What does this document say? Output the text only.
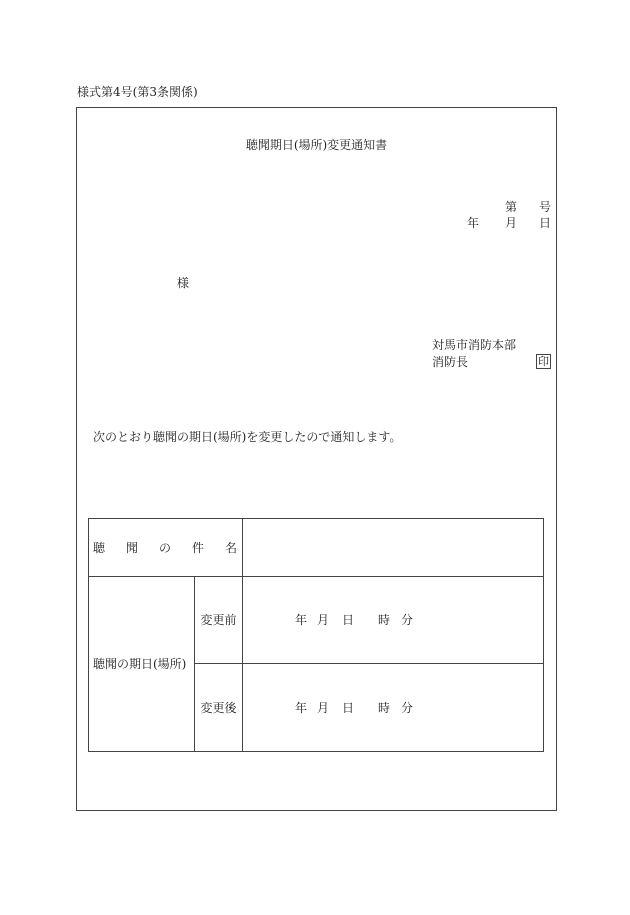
様式第4号(第3条関係)
聴聞期日(場所)変更通知書
第 号
年 月 日
様
対馬市消防本部
消防長	印
次のとおり聴聞の期日(場所)を変更したので通知します。
聴 聞 の 件 名
聴聞の期日(場所)
変更前	年 月 日 時 分
変更後	年 月 日 時 分
